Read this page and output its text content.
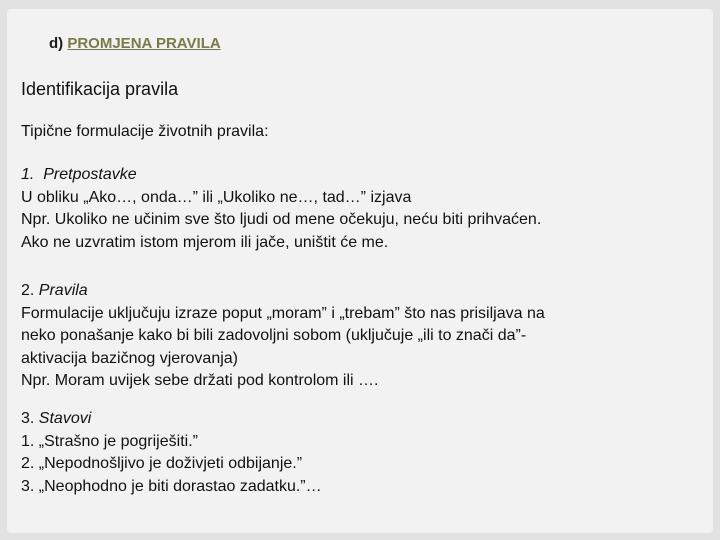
d) PROMJENA PRAVILA
Identifikacija pravila
Tipične formulacije životnih pravila:
1. Pretpostavke
U obliku „Ako…, onda…” ili „Ukoliko ne…, tad…” izjava
Npr. Ukoliko ne učinim sve što ljudi od mene očekuju, neću biti prihvaćen.
Ako ne uzvratim istom mjerom ili jače, uništit će me.
2. Pravila
Formulacije uključuju izraze poput „moram” i „trebam” što nas prisiljava na
neko ponašanje kako bi bili zadovoljni sobom (uključuje „ili to znači da”-
aktivacija bazičnog vjerovanja)
Npr. Moram uvijek sebe držati pod kontrolom ili ….
3. Stavovi
1. „Strašno je pogriješiti.”
2. „Nepodnošljivo je doživjeti odbijanje.”
3. „Neophodno je biti dorastao zadatku.”…
